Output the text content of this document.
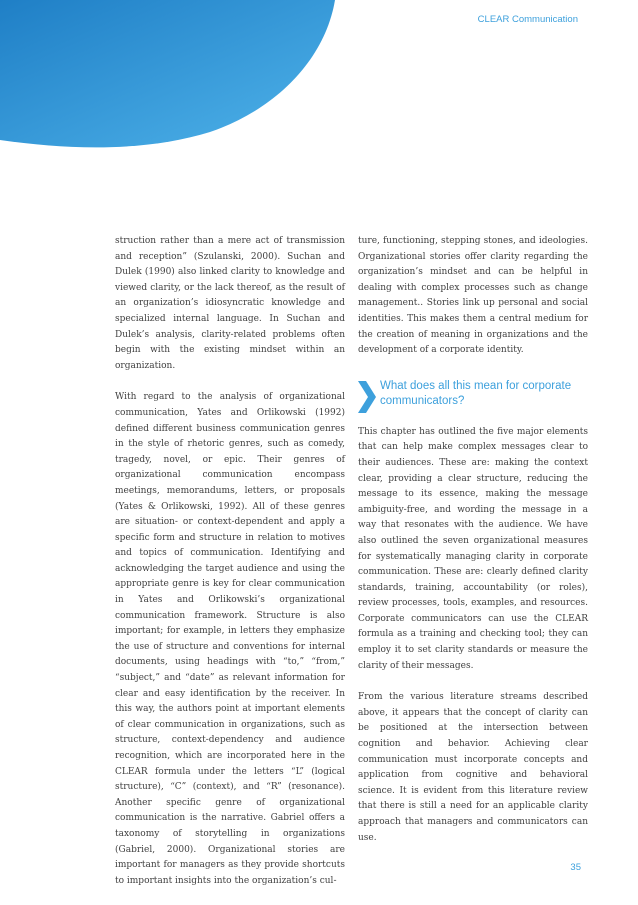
CLEAR Communication

struction rather than a mere act of transmission and reception” (Szulanski, 2000). Suchan and Dulek (1990) also linked clarity to knowledge and viewed clarity, or the lack thereof, as the result of an organization’s idiosyncratic knowledge and specialized internal language. In Suchan and Dulek’s analysis, clarity-related problems often begin with the existing mindset within an organization.

With regard to the analysis of organizational communication, Yates and Orlikowski (1992) defined different business communication genres in the style of rhetoric genres, such as comedy, tragedy, novel, or epic. Their genres of organizational communication encompass meetings, memorandums, letters, or proposals (Yates & Orlikowski, 1992). All of these genres are situation- or context-dependent and apply a specific form and structure in relation to motives and topics of communication. Identifying and acknowledging the target audience and using the appropriate genre is key for clear communication in Yates and Orlikowski’s organizational communication framework. Structure is also important; for example, in letters they emphasize the use of structure and conventions for internal documents, using headings with “to,” “from,” “subject,” and “date” as relevant information for clear and easy identification by the receiver. In this way, the authors point at important elements of clear communication in organizations, such as structure, context-dependency and audience recognition, which are incorporated here in the CLEAR formula under the letters “L” (logical structure), “C” (context), and “R” (resonance). Another specific genre of organizational communication is the narrative. Gabriel offers a taxonomy of storytelling in organizations (Gabriel, 2000). Organizational stories are important for managers as they provide shortcuts to important insights into the organization’s cul-

ture, functioning, stepping stones, and ideologies. Organizational stories offer clarity regarding the organization’s mindset and can be helpful in dealing with complex processes such as change management.. Stories link up personal and social identities. This makes them a central medium for the creation of meaning in organizations and the development of a corporate identity.

What does all this mean for corporate communicators?

This chapter has outlined the five major elements that can help make complex messages clear to their audiences. These are: making the context clear, providing a clear structure, reducing the message to its essence, making the message ambiguity-free, and wording the message in a way that resonates with the audience. We have also outlined the seven organizational measures for systematically managing clarity in corporate communication. These are: clearly defined clarity standards, training, accountability (or roles), review processes, tools, examples, and resources. Corporate communicators can use the CLEAR formula as a training and checking tool; they can employ it to set clarity standards or measure the clarity of their messages.

From the various literature streams described above, it appears that the concept of clarity can be positioned at the intersection between cognition and behavior. Achieving clear communication must incorporate concepts and application from cognitive and behavioral science. It is evident from this literature review that there is still a need for an applicable clarity approach that managers and communicators can use.

35
